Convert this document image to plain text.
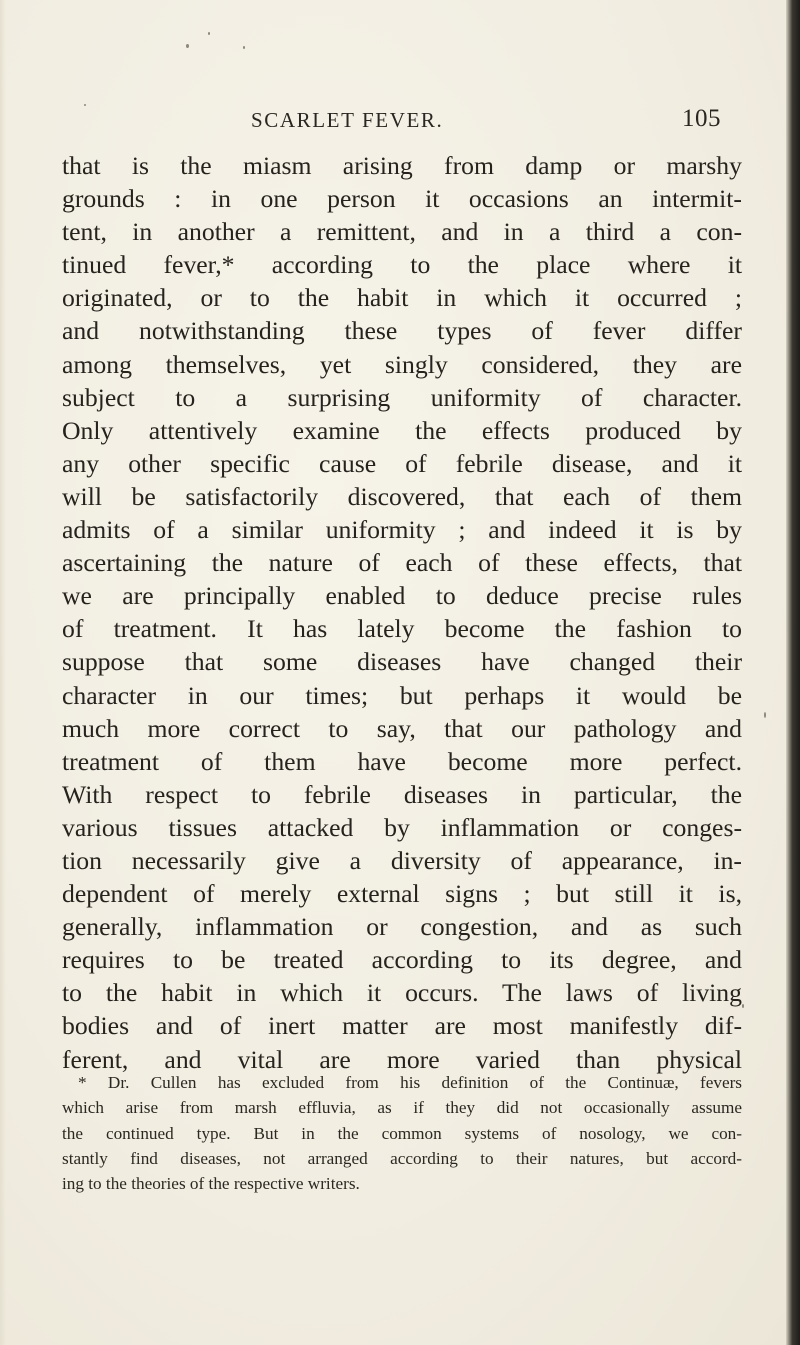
SCARLET FEVER.	105
that is the miasm arising from damp or marshy
grounds : in one person it occasions an intermit-
tent, in another a remittent, and in a third a con-
tinued fever,* according to the place where it
originated, or to the habit in which it occurred ;
and notwithstanding these types of fever differ
among themselves, yet singly considered, they are
subject to a surprising uniformity of character.
Only attentively examine the effects produced by
any other specific cause of febrile disease, and it
will be satisfactorily discovered, that each of them
admits of a similar uniformity ; and indeed it is by
ascertaining the nature of each of these effects, that
we are principally enabled to deduce precise rules
of treatment. It has lately become the fashion to
suppose that some diseases have changed their
character in our times; but perhaps it would be
much more correct to say, that our pathology and
treatment of them have become more perfect.
With respect to febrile diseases in particular, the
various tissues attacked by inflammation or conges-
tion necessarily give a diversity of appearance, in-
dependent of merely external signs ; but still it is,
generally, inflammation or congestion, and as such
requires to be treated according to its degree, and
to the habit in which it occurs. The laws of living
bodies and of inert matter are most manifestly dif-
ferent, and vital are more varied than physical
* Dr. Cullen has excluded from his definition of the Continuæ, fevers
which arise from marsh effluvia, as if they did not occasionally assume
the continued type. But in the common systems of nosology, we con-
stantly find diseases, not arranged according to their natures, but accord-
ing to the theories of the respective writers.
